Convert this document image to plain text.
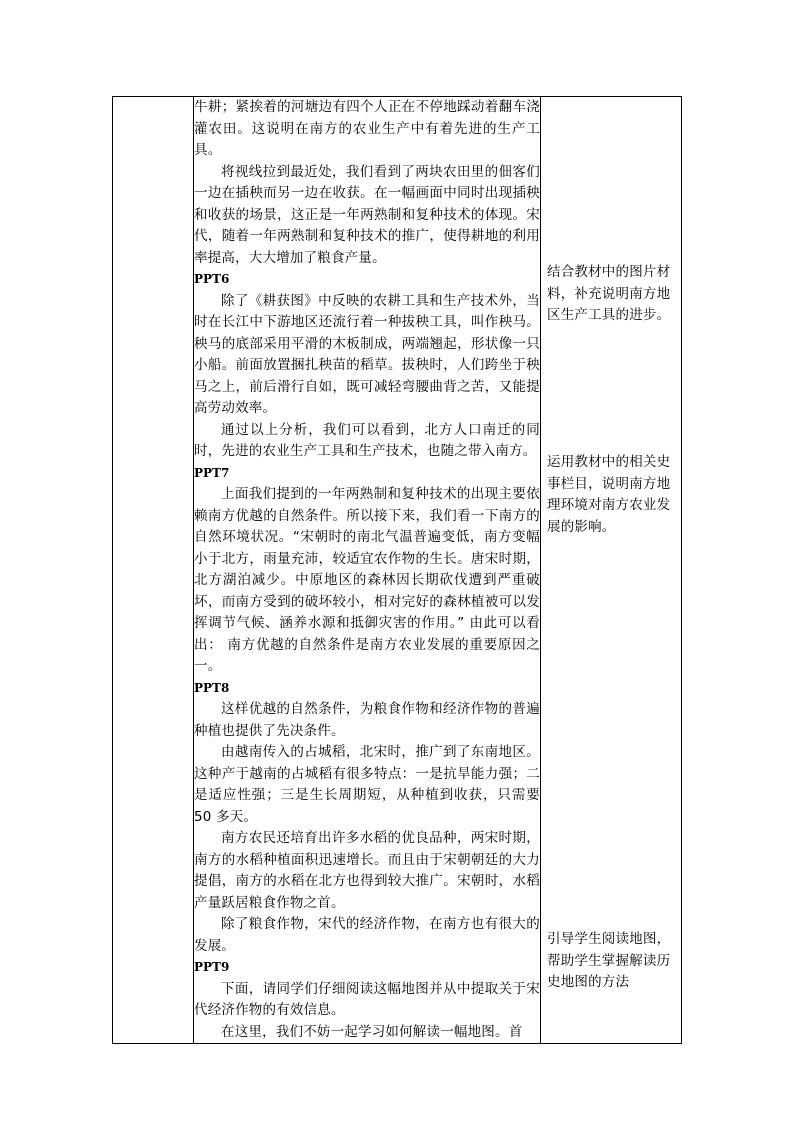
牛耕；紧挨着的河塘边有四个人正在不停地踩动着翻车浇灌农田。这说明在南方的农业生产中有着先进的生产工具。

将视线拉到最近处，我们看到了两块农田里的佃客们一边在插秧而另一边在收获。在一幅画面中同时出现插秧和收获的场景，这正是一年两熟制和复种技术的体现。宋代，随着一年两熟制和复种技术的推广，使得耕地的利用率提高，大大增加了粮食产量。

PPT6

除了《耕获图》中反映的农耕工具和生产技术外，当时在长江中下游地区还流行着一种拔秧工具，叫作秧马。秧马的底部采用平滑的木板制成，两端翘起，形状像一只小船。前面放置捆扎秧苗的稻草。拔秧时，人们跨坐于秧马之上，前后滑行自如，既可减轻弯腰曲背之苦，又能提高劳动效率。

通过以上分析，我们可以看到，北方人口南迁的同时，先进的农业生产工具和生产技术，也随之带入南方。

PPT7

上面我们提到的一年两熟制和复种技术的出现主要依赖南方优越的自然条件。所以接下来，我们看一下南方的自然环境状况。“宋朝时的南北气温普遍变低，南方变幅小于北方，雨量充沛，较适宜农作物的生长。唐宋时期，北方湖泊减少。中原地区的森林因长期砍伐遭到严重破坏，而南方受到的破坏较小，相对完好的森林植被可以发挥调节气候、涵养水源和抵御灾害的作用。” 由此可以看出： 南方优越的自然条件是南方农业发展的重要原因之一。

PPT8

这样优越的自然条件，为粮食作物和经济作物的普遍种植也提供了先决条件。

由越南传入的占城稻，北宋时，推广到了东南地区。这种产于越南的占城稻有很多特点：一是抗旱能力强；二是适应性强；三是生长周期短，从种植到收获，只需要 50 多天。

南方农民还培育出许多水稻的优良品种，两宋时期，南方的水稻种植面积迅速增长。而且由于宋朝朝廷的大力提倡，南方的水稻在北方也得到较大推广。宋朝时，水稻产量跃居粮食作物之首。

除了粮食作物，宋代的经济作物，在南方也有很大的发展。

PPT9

下面，请同学们仔细阅读这幅地图并从中提取关于宋代经济作物的有效信息。

在这里，我们不妨一起学习如何解读一幅地图。首

结合教材中的图片材料，补充说明南方地区生产工具的进步。

运用教材中的相关史事栏目，说明南方地理环境对南方农业发展的影响。

引导学生阅读地图，帮助学生掌握解读历史地图的方法
